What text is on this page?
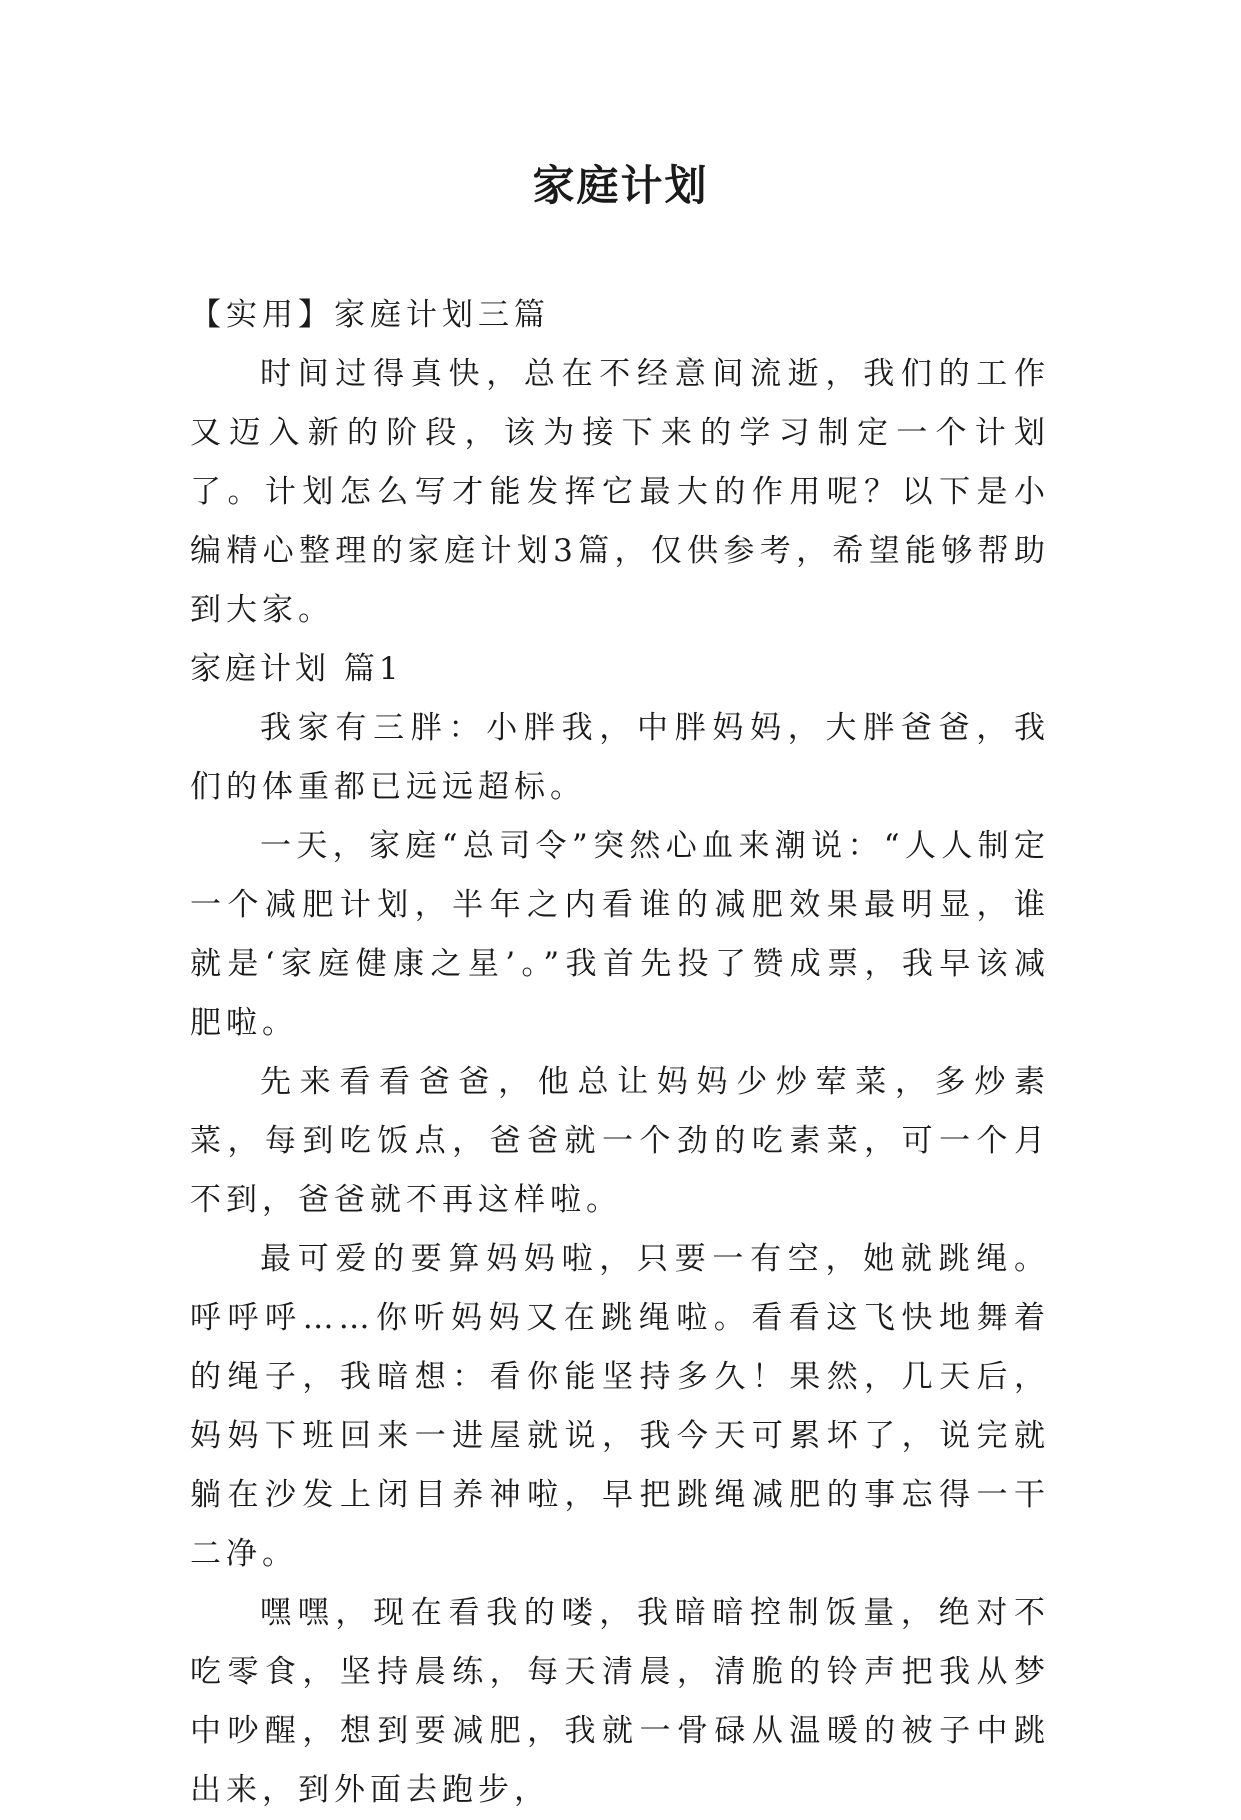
家庭计划

【实用】家庭计划三篇

时间过得真快，总在不经意间流逝，我们的工作又迈入新的阶段，该为接下来的学习制定一个计划了。计划怎么写才能发挥它最大的作用呢？以下是小编精心整理的家庭计划3篇，仅供参考，希望能够帮助到大家。

家庭计划 篇1

我家有三胖：小胖我，中胖妈妈，大胖爸爸，我们的体重都已远远超标。

一天，家庭“总司令”突然心血来潮说：“人人制定一个减肥计划，半年之内看谁的减肥效果最明显，谁就是‘家庭健康之星’。”我首先投了赞成票，我早该减肥啦。

先来看看爸爸，他总让妈妈少炒荤菜，多炒素菜，每到吃饭点，爸爸就一个劲的吃素菜，可一个月不到，爸爸就不再这样啦。

最可爱的要算妈妈啦，只要一有空，她就跳绳。呼呼呼……你听妈妈又在跳绳啦。看看这飞快地舞着的绳子，我暗想：看你能坚持多久！果然，几天后，妈妈下班回来一进屋就说，我今天可累坏了，说完就躺在沙发上闭目养神啦，早把跳绳减肥的事忘得一干二净。

嘿嘿，现在看我的喽，我暗暗控制饭量，绝对不吃零食，坚持晨练，每天清晨，清脆的铃声把我从梦中吵醒，想到要减肥，我就一骨碌从温暖的被子中跳出来，到外面去跑步，
